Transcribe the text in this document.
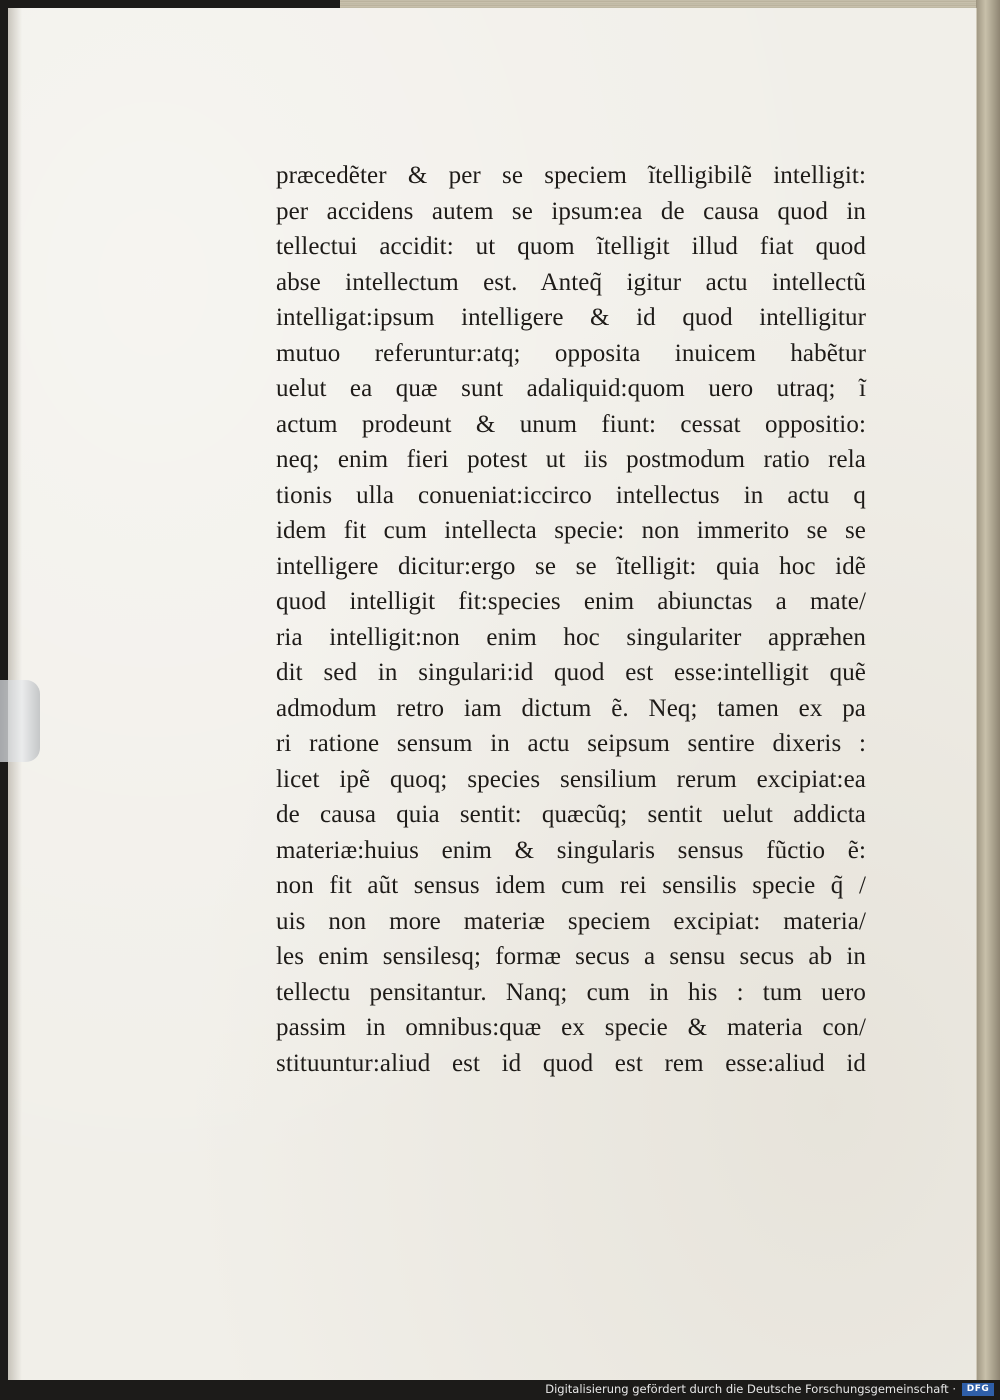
præcedẽter & per se speciem ĩtelligibilẽ intelligit:
per accidens autem se ipsum:ea de causa quod in
tellectui accidit: ut quom ĩtelligit illud fiat quod
abse intellectum est. Anteq̃ igitur actu intellectũ
intelligat:ipsum intelligere & id quod intelligitur
mutuo referuntur:atq; opposita inuicem habẽtur
uelut ea quæ sunt adaliquid:quom uero utraq; ĩ
actum prodeunt & unum fiunt: cessat oppositio:
neq; enim fieri potest ut iis postmodum ratio rela
tionis ulla conueniat:iccirco intellectus in actu q
idem fit cum intellecta specie: non immerito se se
intelligere dicitur:ergo se se ĩtelligit: quia hoc idẽ
quod intelligit fit:species enim abiunctas a mate/
ria intelligit:non enim hoc singulariter appræhen
dit sed in singulari:id quod est esse:intelligit quẽ
admodum retro iam dictum ẽ. Neq; tamen ex pa
ri ratione sensum in actu seipsum sentire dixeris :
licet ipẽ quoq; species sensilium rerum excipiat:ea
de causa quia sentit: quæcũq; sentit uelut addicta
materiæ:huius enim & singularis sensus fũctio ẽ:
non fit aũt sensus idem cum rei sensilis specie q̃ /
uis non more materiæ speciem excipiat: materia/
les enim sensilesq; formæ secus a sensu secus ab in
tellectu pensitantur. Nanq; cum in his : tum uero
passim in omnibus:quæ ex specie & materia con/
stituuntur:aliud est id quod est rem esse:aliud id
Digitalisierung gefördert durch die Deutsche Forschungsgemeinschaft ·	DFG
